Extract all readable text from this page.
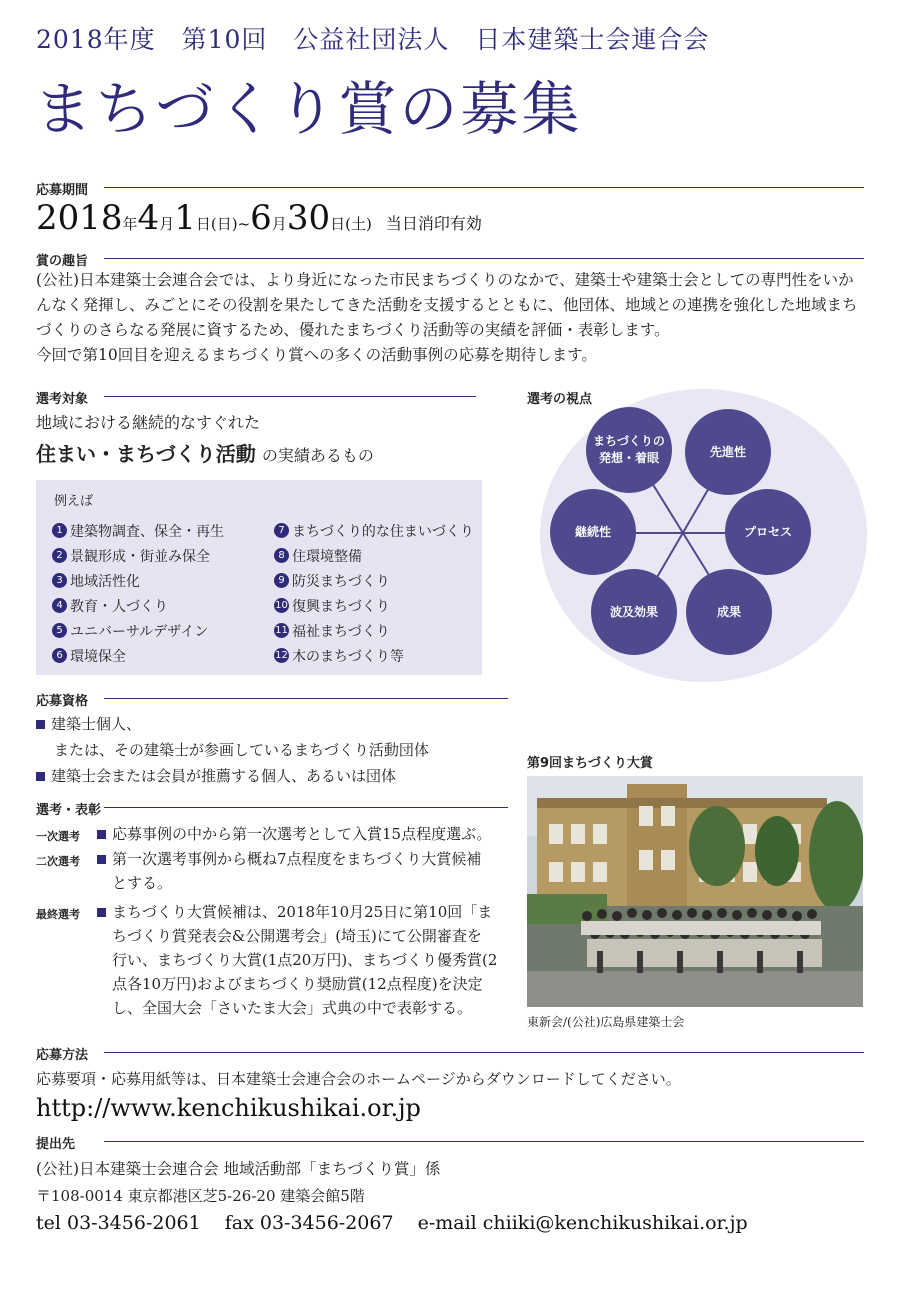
2018年度　第10回　公益社団法人　日本建築士会連合会
まちづくり賞の募集
応募期間
2018年4月1日(日)~6月30日(土) 当日消印有効
賞の趣旨
(公社)日本建築士会連合会では、より身近になった市民まちづくりのなかで、建築士や建築士会としての専門性をいかんなく発揮し、みごとにその役割を果たしてきた活動を支援するとともに、他団体、地域との連携を強化した地域まちづくりのさらなる発展に資するため、優れたまちづくり活動等の実績を評価・表彰します。
今回で第10回目を迎えるまちづくり賞への多くの活動事例の応募を期待します。
選考対象
地域における継続的なすぐれた
住まい・まちづくり活動 の実績あるもの
例えば
1 建築物調査、保全・再生
2 景観形成・街並み保全
3 地域活性化
4 教育・人づくり
5 ユニバーサルデザイン
6 環境保全
7 まちづくり的な住まいづくり
8 住環境整備
9 防災まちづくり
10 復興まちづくり
11 福祉まちづくり
12 木のまちづくり等
選考の視点
まちづくりの
発想・着眼	先進性
継続性	プロセス
波及効果	成果
応募資格
建築士個人、
または、その建築士が参画しているまちづくり活動団体
建築士会または会員が推薦する個人、あるいは団体
選考・表彰
一次選考	応募事例の中から第一次選考として入賞15点程度選ぶ。
二次選考	第一次選考事例から概ね7点程度をまちづくり大賞候補
とする。
最終選考	まちづくり大賞候補は、2018年10月25日に第10回「ま
ちづくり賞発表会&公開選考会」(埼玉)にて公開審査を
行い、まちづくり大賞(1点20万円)、まちづくり優秀賞(2
点各10万円)およびまちづくり奨励賞(12点程度)を決定
し、全国大会「さいたま大会」式典の中で表彰する。
第9回まちづくり大賞
東新会/(公社)広島県建築士会
応募方法
応募要項・応募用紙等は、日本建築士会連合会のホームページからダウンロードしてください。
http://www.kenchikushikai.or.jp
提出先
(公社)日本建築士会連合会 地域活動部「まちづくり賞」係
〒108-0014 東京都港区芝5-26-20 建築会館5階
tel 03-3456-2061 fax 03-3456-2067 e-mail chiiki@kenchikushikai.or.jp
